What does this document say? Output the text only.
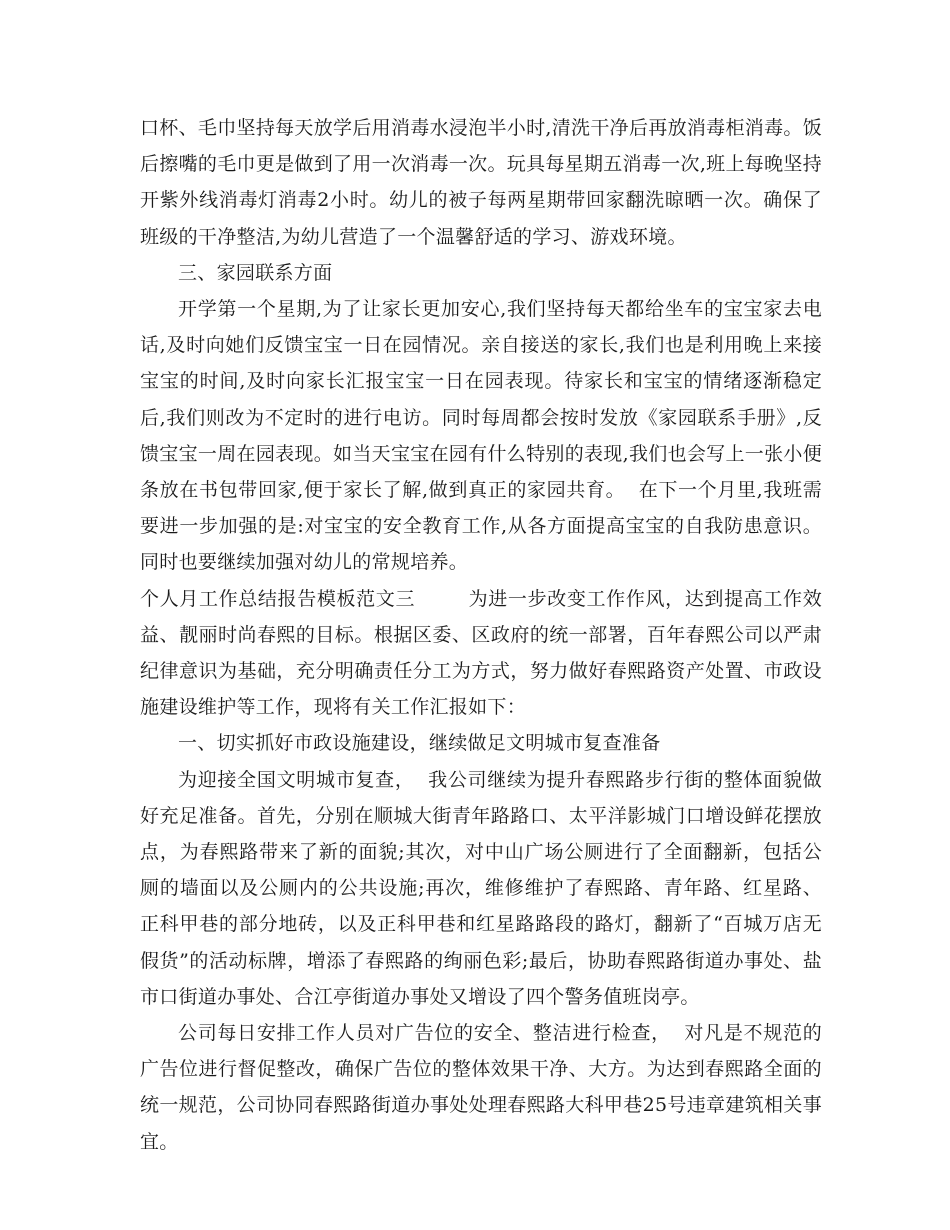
口杯、毛巾坚持每天放学后用消毒水浸泡半小时,清洗干净后再放消毒柜消毒。饭后擦嘴的毛巾更是做到了用一次消毒一次。玩具每星期五消毒一次,班上每晚坚持开紫外线消毒灯消毒2小时。幼儿的被子每两星期带回家翻洗晾晒一次。确保了班级的干净整洁,为幼儿营造了一个温馨舒适的学习、游戏环境。

三、家园联系方面

开学第一个星期,为了让家长更加安心,我们坚持每天都给坐车的宝宝家去电话,及时向她们反馈宝宝一日在园情况。亲自接送的家长,我们也是利用晚上来接宝宝的时间,及时向家长汇报宝宝一日在园表现。待家长和宝宝的情绪逐渐稳定后,我们则改为不定时的进行电访。同时每周都会按时发放《家园联系手册》,反馈宝宝一周在园表现。如当天宝宝在园有什么特别的表现,我们也会写上一张小便条放在书包带回家,便于家长了解,做到真正的家园共育。  在下一个月里,我班需要进一步加强的是:对宝宝的安全教育工作,从各方面提高宝宝的自我防患意识。同时也要继续加强对幼儿的常规培养。

个人月工作总结报告模板范文三        为进一步改变工作作风，达到提高工作效益、靓丽时尚春熙的目标。根据区委、区政府的统一部署，百年春熙公司以严肃纪律意识为基础，充分明确责任分工为方式，努力做好春熙路资产处置、市政设施建设维护等工作，现将有关工作汇报如下：

一、切实抓好市政设施建设，继续做足文明城市复查准备

为迎接全国文明城市复查，  我公司继续为提升春熙路步行街的整体面貌做好充足准备。首先，分别在顺城大街青年路路口、太平洋影城门口增设鲜花摆放点，为春熙路带来了新的面貌;其次，对中山广场公厕进行了全面翻新，包括公厕的墙面以及公厕内的公共设施;再次，维修维护了春熙路、青年路、红星路、正科甲巷的部分地砖，以及正科甲巷和红星路路段的路灯，翻新了“百城万店无假货”的活动标牌，增添了春熙路的绚丽色彩;最后，协助春熙路街道办事处、盐市口街道办事处、合江亭街道办事处又增设了四个警务值班岗亭。

公司每日安排工作人员对广告位的安全、整洁进行检查，  对凡是不规范的广告位进行督促整改，确保广告位的整体效果干净、大方。为达到春熙路全面的统一规范，公司协同春熙路街道办事处处理春熙路大科甲巷25号违章建筑相关事宜。
